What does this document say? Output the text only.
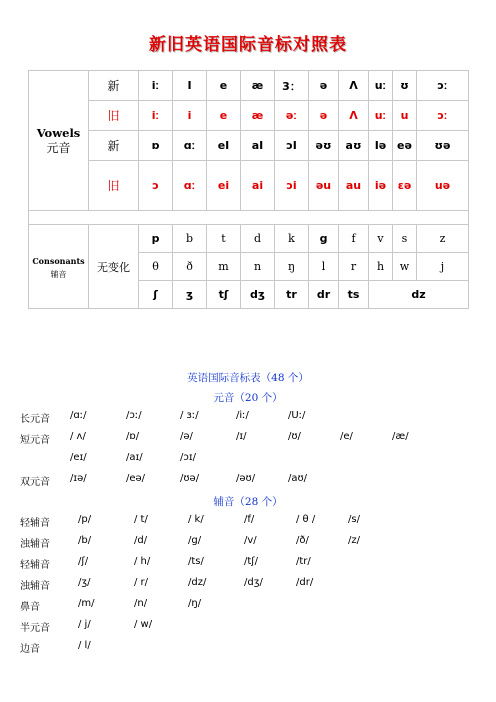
新旧英语国际音标对照表
Vowels
元音	新	iː	I	e	æ	3：	ə	Λ	uː	ʊ	ɔː
	旧	iː	i	e	æ	əː	ə	Λ	uː	u	ɔː
	新	ɒ	ɑː	eI	aI	ɔI	əʊ	aʊ	Iə	eə	ʊə
	旧	ɔ	ɑː	ei	ai	ɔi	əu	au	iə	ɛə	uə

Consonants
辅音	无变化	p	b	t	d	k	g	f	v	s	z
		θ	ð	m	n	ŋ	l	r	h	w	j
		ʃ	ʒ	tʃ	dʒ	tr	dr	ts	dz		
英语国际音标表（48 个）
元音（20 个）
长元音 /ɑː/	/ɔː/	/ ɜː/	/iː/	/Uː/
短元音 / ʌ/	/ɒ/	/ə/	/ɪ/	/ʊ/	/e/	/æ/
/eɪ/	/aɪ/	/ɔɪ/
双元音 /ɪə/	/eə/	/ʊə/	/əʊ/	/aʊ/
辅音（28 个）
轻辅音	/p/	/ t/	/ k/	/f/	/ θ /	/s/
浊辅音	/b/	/d/	/g/	/v/	/ð/	/z/
轻辅音	/ʃ/	/ h/	/ts/	/tʃ/	/tr/
浊辅音	/ʒ/	/ r/	/dz/	/dʒ/	/dr/
鼻音	/m/	/n/	/ŋ/
半元音	/ j/	/ w/
边音	/ l/
